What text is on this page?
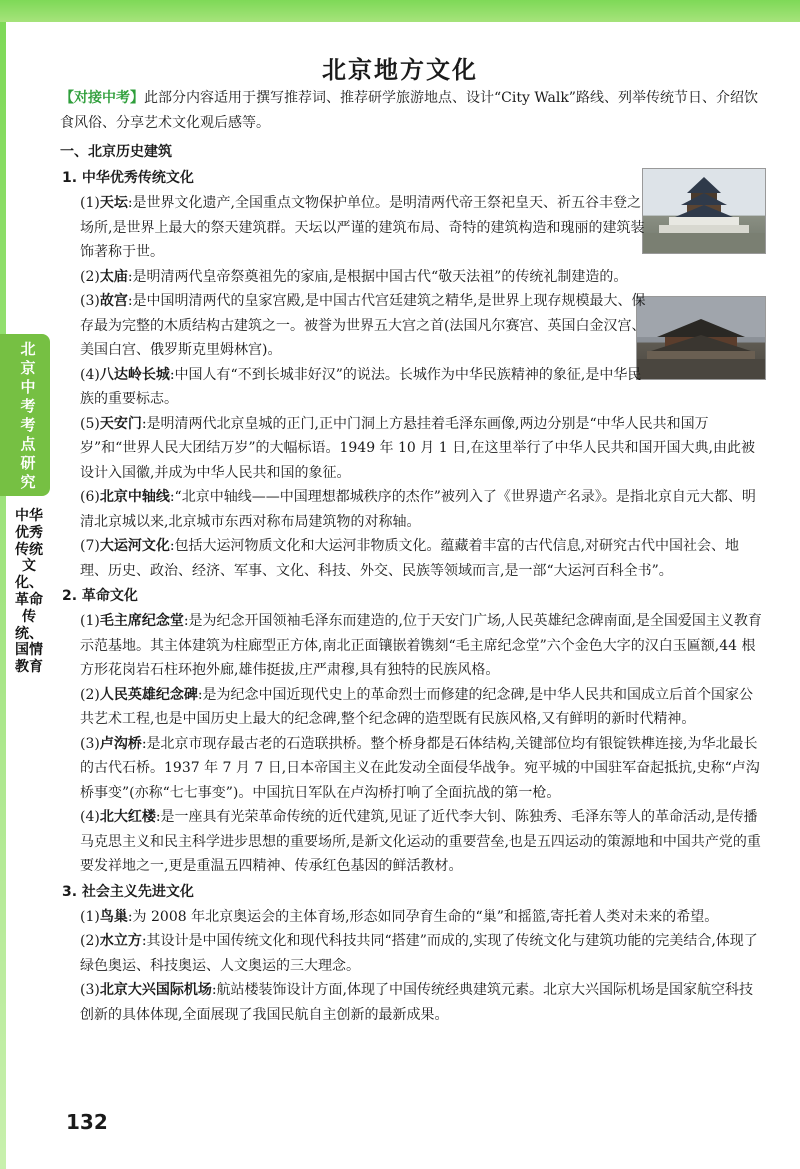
北京中考考点研究
中华优秀传统文化、革命传统、国情教育
北京地方文化

【对接中考】此部分内容适用于撰写推荐词、推荐研学旅游地点、设计“City Walk”路线、列举传统节日、介绍饮食风俗、分享艺术文化观后感等。

一、北京历史建筑

1. 中华优秀传统文化

(1)天坛:是世界文化遗产,全国重点文物保护单位。是明清两代帝王祭祀皇天、祈五谷丰登之场所,是世界上最大的祭天建筑群。天坛以严谨的建筑布局、奇特的建筑构造和瑰丽的建筑装饰著称于世。

(2)太庙:是明清两代皇帝祭奠祖先的家庙,是根据中国古代“敬天法祖”的传统礼制建造的。

(3)故宫:是中国明清两代的皇家宫殿,是中国古代宫廷建筑之精华,是世界上现存规模最大、保存最为完整的木质结构古建筑之一。被誉为世界五大宫之首(法国凡尔赛宫、英国白金汉宫、美国白宫、俄罗斯克里姆林宫)。

(4)八达岭长城:中国人有“不到长城非好汉”的说法。长城作为中华民族精神的象征,是中华民族的重要标志。

(5)天安门:是明清两代北京皇城的正门,正中门洞上方悬挂着毛泽东画像,两边分别是“中华人民共和国万岁”和“世界人民大团结万岁”的大幅标语。1949 年 10 月 1 日,在这里举行了中华人民共和国开国大典,由此被设计入国徽,并成为中华人民共和国的象征。

(6)北京中轴线:“北京中轴线——中国理想都城秩序的杰作”被列入了《世界遗产名录》。是指北京自元大都、明清北京城以来,北京城市东西对称布局建筑物的对称轴。

(7)大运河文化:包括大运河物质文化和大运河非物质文化。蕴藏着丰富的古代信息,对研究古代中国社会、地理、历史、政治、经济、军事、文化、科技、外交、民族等领域而言,是一部“大运河百科全书”。

2. 革命文化

(1)毛主席纪念堂:是为纪念开国领袖毛泽东而建造的,位于天安门广场,人民英雄纪念碑南面,是全国爱国主义教育示范基地。其主体建筑为柱廊型正方体,南北正面镶嵌着镌刻“毛主席纪念堂”六个金色大字的汉白玉匾额,44 根方形花岗岩石柱环抱外廊,雄伟挺拔,庄严肃穆,具有独特的民族风格。

(2)人民英雄纪念碑:是为纪念中国近现代史上的革命烈士而修建的纪念碑,是中华人民共和国成立后首个国家公共艺术工程,也是中国历史上最大的纪念碑,整个纪念碑的造型既有民族风格,又有鲜明的新时代精神。

(3)卢沟桥:是北京市现存最古老的石造联拱桥。整个桥身都是石体结构,关键部位均有银锭铁榫连接,为华北最长的古代石桥。1937 年 7 月 7 日,日本帝国主义在此发动全面侵华战争。宛平城的中国驻军奋起抵抗,史称“卢沟桥事变”(亦称“七七事变”)。中国抗日军队在卢沟桥打响了全面抗战的第一枪。

(4)北大红楼:是一座具有光荣革命传统的近代建筑,见证了近代李大钊、陈独秀、毛泽东等人的革命活动,是传播马克思主义和民主科学进步思想的重要场所,是新文化运动的重要营垒,也是五四运动的策源地和中国共产党的重要发祥地之一,更是重温五四精神、传承红色基因的鲜活教材。

3. 社会主义先进文化

(1)鸟巢:为 2008 年北京奥运会的主体育场,形态如同孕育生命的“巢”和摇篮,寄托着人类对未来的希望。

(2)水立方:其设计是中国传统文化和现代科技共同“搭建”而成的,实现了传统文化与建筑功能的完美结合,体现了绿色奥运、科技奥运、人文奥运的三大理念。

(3)北京大兴国际机场:航站楼装饰设计方面,体现了中国传统经典建筑元素。北京大兴国际机场是国家航空科技创新的具体体现,全面展现了我国民航自主创新的最新成果。

132
